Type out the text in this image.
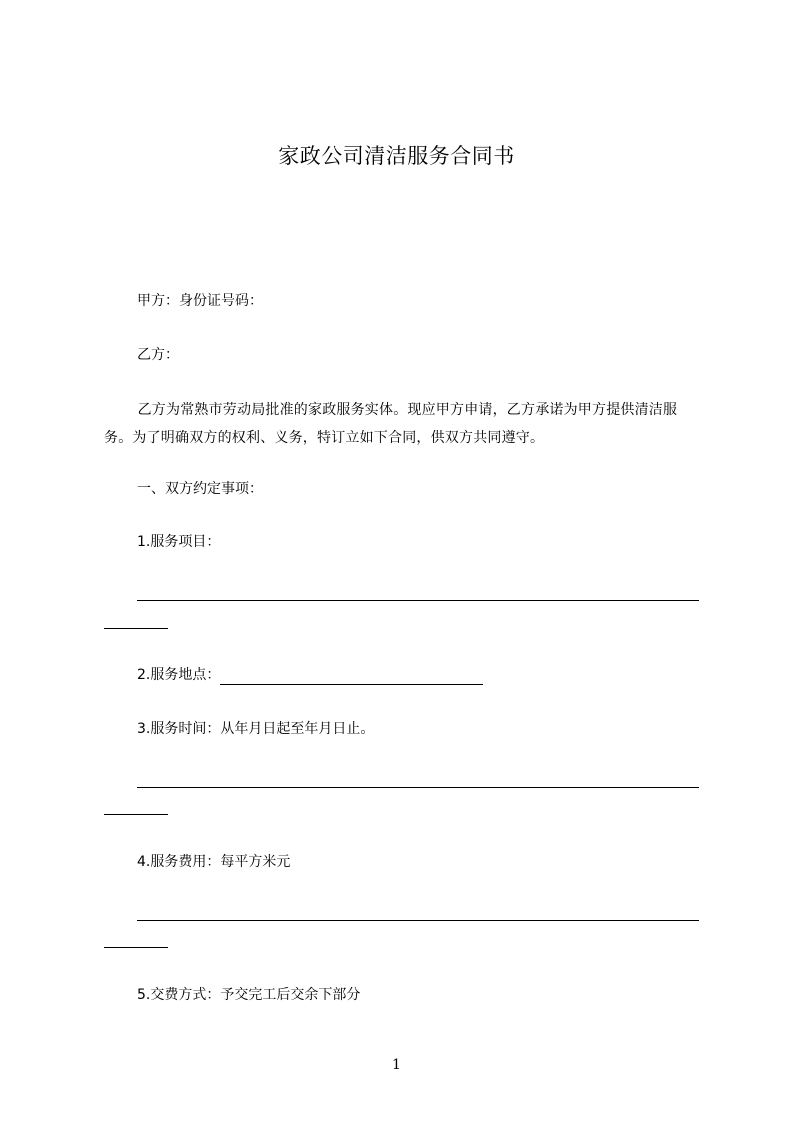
家政公司清洁服务合同书
甲方：身份证号码：
乙方：
乙方为常熟市劳动局批准的家政服务实体。现应甲方申请，乙方承诺为甲方提供清洁服务。为了明确双方的权利、义务，特订立如下合同，供双方共同遵守。
一、双方约定事项：
1.服务项目：
2.服务地点：
3.服务时间：从年月日起至年月日止。
4.服务费用：每平方米元
5.交费方式：予交完工后交余下部分
1
